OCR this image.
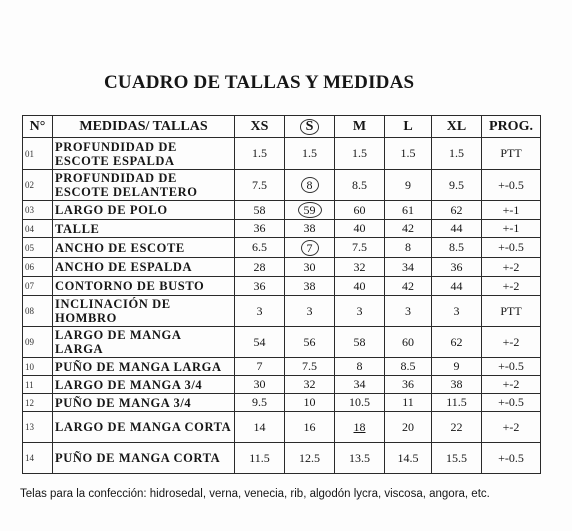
CUADRO DE TALLAS Y MEDIDAS
N°	MEDIDAS/ TALLAS	XS	S	M	L	XL	PROG.
01	PROFUNDIDAD DE ESCOTE ESPALDA	1.5	1.5	1.5	1.5	1.5	PTT
02	PROFUNDIDAD DE ESCOTE DELANTERO	7.5	8	8.5	9	9.5	+-0.5
03	LARGO DE POLO	58	59	60	61	62	+-1
04	TALLE	36	38	40	42	44	+-1
05	ANCHO DE ESCOTE	6.5	7	7.5	8	8.5	+-0.5
06	ANCHO DE ESPALDA	28	30	32	34	36	+-2
07	CONTORNO DE BUSTO	36	38	40	42	44	+-2
08	INCLINACIÓN DE HOMBRO	3	3	3	3	3	PTT
09	LARGO DE MANGA LARGA	54	56	58	60	62	+-2
10	PUÑO DE MANGA LARGA	7	7.5	8	8.5	9	+-0.5
11	LARGO DE MANGA 3/4	30	32	34	36	38	+-2
12	PUÑO DE MANGA 3/4	9.5	10	10.5	11	11.5	+-0.5
13	LARGO DE MANGA CORTA	14	16	18	20	22	+-2
14	PUÑO DE MANGA CORTA	11.5	12.5	13.5	14.5	15.5	+-0.5
Telas para la confección: hidrosedal, verna, venecia, rib, algodón lycra, viscosa, angora, etc.
